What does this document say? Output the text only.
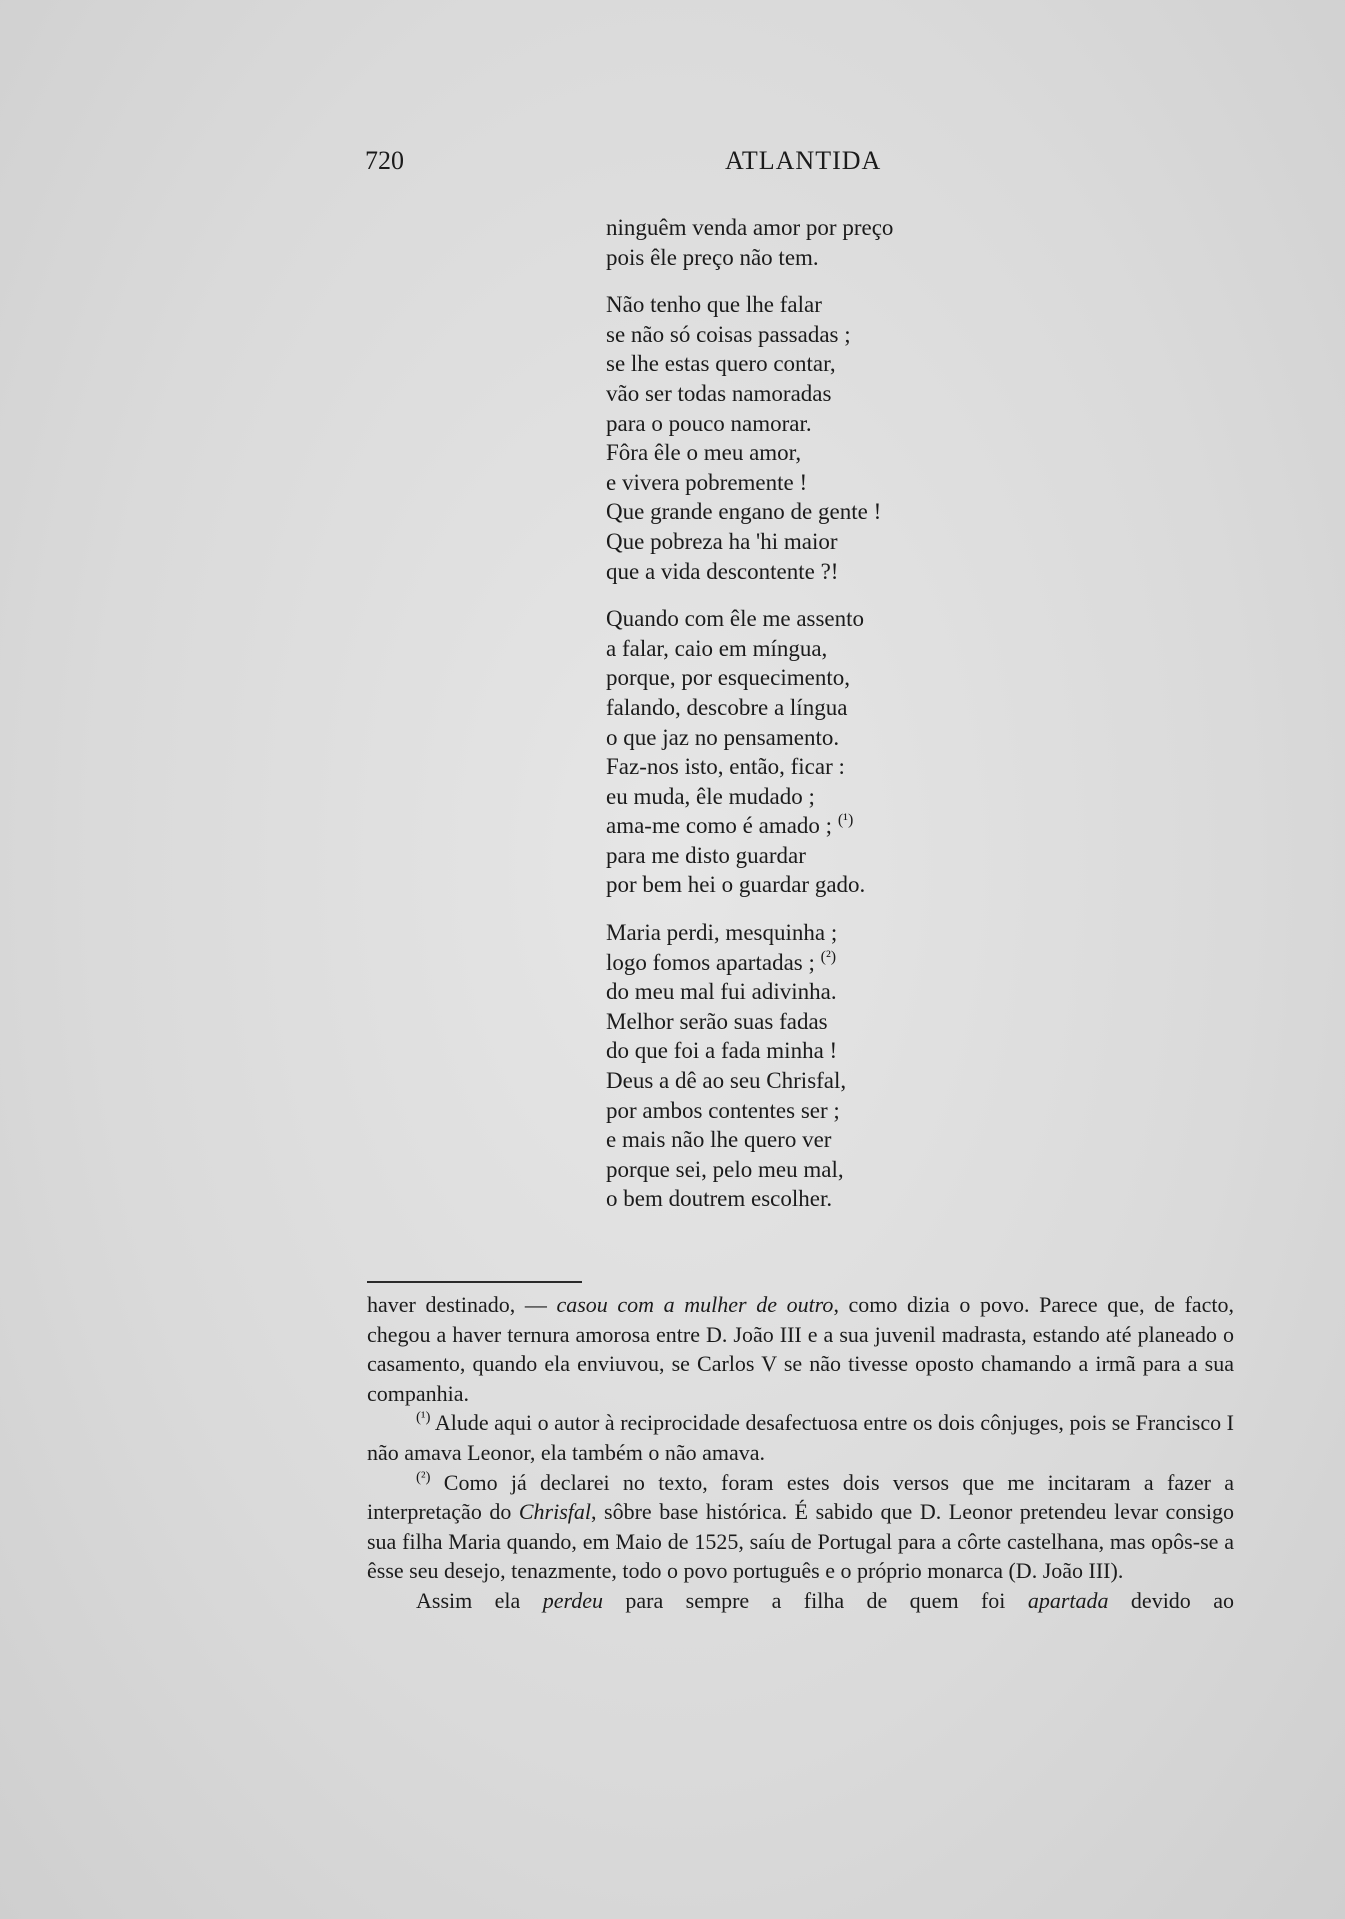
720	ATLANTIDA
ninguêm venda amor por preço
pois êle preço não tem.
Não tenho que lhe falar
se não só coisas passadas ;
se lhe estas quero contar,
vão ser todas namoradas
para o pouco namorar.
Fôra êle o meu amor,
e vivera pobremente !
Que grande engano de gente !
Que pobreza ha 'hi maior
que a vida descontente ?!
Quando com êle me assento
a falar, caio em míngua,
porque, por esquecimento,
falando, descobre a língua
o que jaz no pensamento.
Faz-nos isto, então, ficar :
eu muda, êle mudado ;
ama-me como é amado ; $^{(^1)}$
para me disto guardar
por bem hei o guardar gado.
Maria perdi, mesquinha ;
logo fomos apartadas ; $^{(^2)}$
do meu mal fui adivinha.
Melhor serão suas fadas
do que foi a fada minha !
Deus a dê ao seu Chrisfal,
por ambos contentes ser ;
e mais não lhe quero ver
porque sei, pelo meu mal,
o bem doutrem escolher.

haver destinado, — casou com a mulher de outro, como dizia o povo. Parece que, de facto, chegou a haver ternura amorosa entre D. João III e a sua juvenil madrasta, estando até planeado o casamento, quando ela enviuvou, se Carlos V se não tivesse oposto chamando a irmã para a sua companhia.

$^{(^1)}$ Alude aqui o autor à reciprocidade desafectuosa entre os dois cônjuges, pois se Francisco I não amava Leonor, ela também o não amava.

$^{(^2)}$ Como já declarei no texto, foram estes dois versos que me incitaram a fazer a interpretação do Chrisfal, sôbre base histórica. É sabido que D. Leonor pretendeu levar consigo sua filha Maria quando, em Maio de 1525, saíu de Portugal para a côrte castelhana, mas opôs-se a êsse seu desejo, tenazmente, todo o povo português e o próprio monarca (D. João III).

Assim ela perdeu para sempre a filha de quem foi apartada devido ao
